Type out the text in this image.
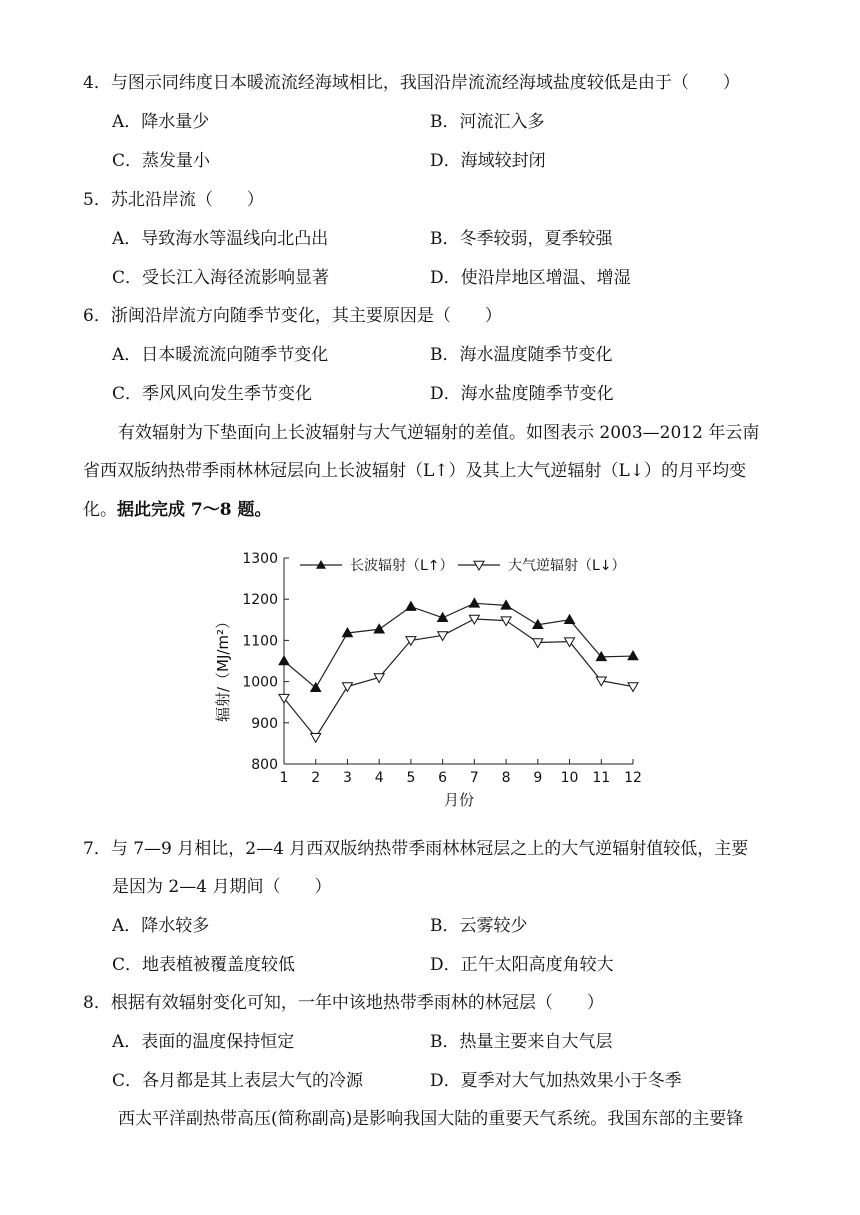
4．与图示同纬度日本暖流流经海域相比，我国沿岸流流经海域盐度较低是由于（　　）
A．降水量少	B．河流汇入多
C．蒸发量小	D．海域较封闭
5．苏北沿岸流（　　）
A．导致海水等温线向北凸出	B．冬季较弱，夏季较强
C．受长江入海径流影响显著	D．使沿岸地区增温、增湿
6．浙闽沿岸流方向随季节变化，其主要原因是（　　）
A．日本暖流流向随季节变化	B．海水温度随季节变化
C．季风风向发生季节变化	D．海水盐度随季节变化
有效辐射为下垫面向上长波辐射与大气逆辐射的差值。如图表示 2003—2012 年云南
省西双版纳热带季雨林林冠层向上长波辐射（L↑）及其上大气逆辐射（L↓）的月平均变
化。据此完成 7～8 题。
800
900
1000
1100
1200
1300
1 2 3 4 5 6 7 8 9 10 11 12
长波辐射（L↑）	大气逆辐射（L↓）
辐射/（MJ/m²）
月份
7．与 7—9 月相比，2—4 月西双版纳热带季雨林林冠层之上的大气逆辐射值较低，主要
是因为 2—4 月期间（　　）
A．降水较多	B．云雾较少
C．地表植被覆盖度较低	D．正午太阳高度角较大
8．根据有效辐射变化可知，一年中该地热带季雨林的林冠层（　　）
A．表面的温度保持恒定	B．热量主要来自大气层
C．各月都是其上表层大气的冷源	D．夏季对大气加热效果小于冬季
西太平洋副热带高压(简称副高)是影响我国大陆的重要天气系统。我国东部的主要锋
